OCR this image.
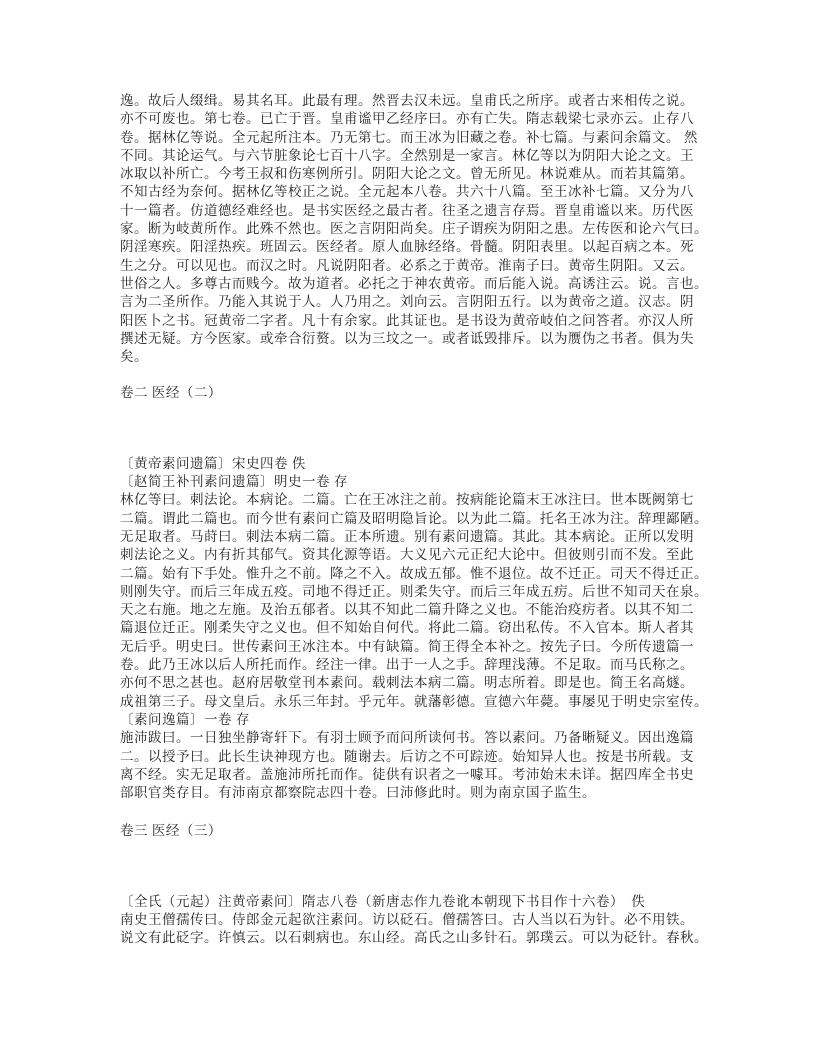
逸。故后人缀缉。易其名耳。此最有理。然晋去汉未远。皇甫氏之所序。或者古来相传之说。
亦不可废也。第七卷。已亡于晋。皇甫谧甲乙经序曰。亦有亡失。隋志载梁七录亦云。止存八
卷。据林亿等说。全元起所注本。乃无第七。而王冰为旧藏之卷。补七篇。与素问余篇文。 然
不同。其论运气。与六节脏象论七百十八字。全然别是一家言。林亿等以为阴阳大论之文。王
冰取以补所亡。今考王叔和伤寒例所引。阴阳大论之文。曾无所见。林说难从。而若其篇第。
不知古经为奈何。据林亿等校正之说。全元起本八卷。共六十八篇。至王冰补七篇。又分为八
十一篇者。仿道德经难经也。是书实医经之最古者。往圣之遗言存焉。晋皇甫谧以来。历代医
家。断为岐黄所作。此殊不然也。医之言阴阳尚矣。庄子谓疾为阴阳之患。左传医和论六气曰。
阴淫寒疾。阳淫热疾。班固云。医经者。原人血脉经络。骨髓。阴阳表里。以起百病之本。死
生之分。可以见也。而汉之时。凡说阴阳者。必系之于黄帝。淮南子曰。黄帝生阴阳。又云。
世俗之人。多尊古而贱今。故为道者。必托之于神农黄帝。而后能入说。高诱注云。说。言也。
言为二圣所作。乃能入其说于人。人乃用之。刘向云。言阴阳五行。以为黄帝之道。汉志。阴
阳医卜之书。冠黄帝二字者。凡十有余家。此其证也。是书设为黄帝岐伯之问答者。亦汉人所
撰述无疑。方今医家。或牵合衍赘。以为三坟之一。或者诋毁排斥。以为赝伪之书者。俱为失
矣。
卷二 医经（二）
〔黄帝素问遗篇〕宋史四卷 佚
〔赵简王补刊素问遗篇〕明史一卷 存
林亿等曰。刺法论。本病论。二篇。亡在王冰注之前。按病能论篇末王冰注曰。世本既阙第七
二篇。谓此二篇也。而今世有素问亡篇及昭明隐旨论。以为此二篇。托名王冰为注。辞理鄙陋。
无足取者。马莳曰。刺法本病二篇。正本所遗。别有素问遗篇。其此。其本病论。正所以发明
刺法论之义。内有折其郁气。资其化源等语。大义见六元正纪大论中。但彼则引而不发。至此
二篇。始有下手处。惟升之不前。降之不入。故成五郁。惟不退位。故不迁正。司天不得迁正。
则刚失守。而后三年成五疫。司地不得迁正。则柔失守。而后三年成五疠。后世不知司天在泉。
天之右施。地之左施。及治五郁者。以其不知此二篇升降之义也。不能治疫疠者。以其不知二
篇退位迁正。刚柔失守之义也。但不知始自何代。将此二篇。窃出私传。不入官本。斯人者其
无后乎。明史曰。世传素问王冰注本。中有缺篇。简王得全本补之。按先子曰。今所传遗篇一
卷。此乃王冰以后人所托而作。经注一律。出于一人之手。辞理浅薄。不足取。而马氏称之。
亦何不思之甚也。赵府居敬堂刊本素问。载刺法本病二篇。明志所着。即是也。简王名高燧。
成祖第三子。母文皇后。永乐三年封。乎元年。就藩彰德。宣德六年薨。事屡见于明史宗室传。
〔素问逸篇〕一卷 存
施沛跋曰。一日独坐静寄轩下。有羽士顾予而问所读何书。答以素问。乃备晰疑义。因出逸篇
二。以授予曰。此长生诀神现方也。随谢去。后访之不可踪迹。始知异人也。按是书所载。支
离不经。实无足取者。盖施沛所托而作。徒供有识者之一噱耳。考沛始末未详。据四库全书史
部职官类存目。有沛南京都察院志四十卷。曰沛修此时。则为南京国子监生。
卷三 医经（三）
〔全氏（元起）注黄帝素问〕隋志八卷（新唐志作九卷讹本朝现下书目作十六卷）　佚
南史王僧孺传曰。侍郎金元起欲注素问。访以砭石。僧孺答曰。古人当以石为针。必不用铁。
说文有此砭字。许慎云。以石刺病也。东山经。高氏之山多针石。郭璞云。可以为砭针。春秋。
